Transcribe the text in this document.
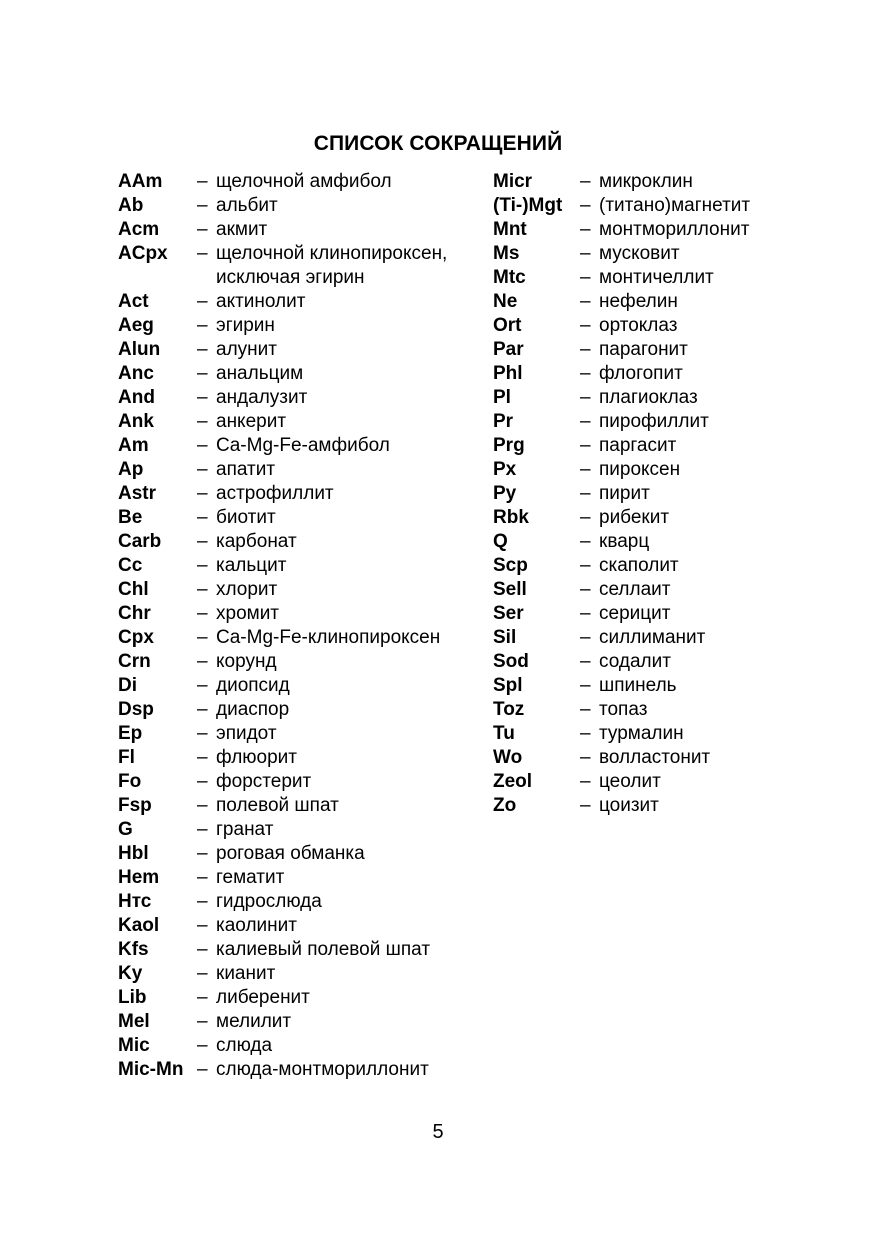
СПИСОК СОКРАЩЕНИЙ
AAm	– щелочной амфибол
Ab	– альбит
Acm	– акмит
ACpx	– щелочной клинопироксен,
исключая эгирин
Act	– актинолит
Aeg	– эгирин
Alun	– алунит
Anc	– анальцим
And	– андалузит
Ank	– анкерит
Am	– Ca-Mg-Fe-амфибол
Ap	– апатит
Astr	– астрофиллит
Be	– биотит
Carb	– карбонат
Cc	– кальцит
Chl	– хлорит
Chr	– хромит
Cpx	– Ca-Mg-Fe-клинопироксен
Crn	– корунд
Di	– диопсид
Dsp	– диаспор
Ep	– эпидот
Fl	– флюорит
Fo	– форстерит
Fsp	– полевой шпат
G	– гранат
Hbl	– роговая обманка
Hem	– гематит
Hтс	– гидрослюда
Kaol	– каолинит
Kfs	– калиевый полевой шпат
Ky	– кианит
Lib	– либеренит
Mel	– мелилит
Mic	– слюда
Mic-Mn – слюда-монтмориллонит
Micr	– микроклин
(Ti-)Mgt – (титано)магнетит
Mnt	– монтмориллонит
Ms	– мусковит
Mtc	– монтичеллит
Ne	– нефелин
Ort	– ортоклаз
Par	– парагонит
Phl	– флогопит
Pl	– плагиоклаз
Pr	– пирофиллит
Prg	– паргасит
Px	– пироксен
Py	– пирит
Rbk	– рибекит
Q	– кварц
Scp	– скаполит
Sell	– селлаит
Ser	– серицит
Sil	– силлиманит
Sod	– содалит
Spl	– шпинель
Toz	– топаз
Tu	– турмалин
Wo	– волластонит
Zeol	– цеолит
Zo	– цоизит
5
